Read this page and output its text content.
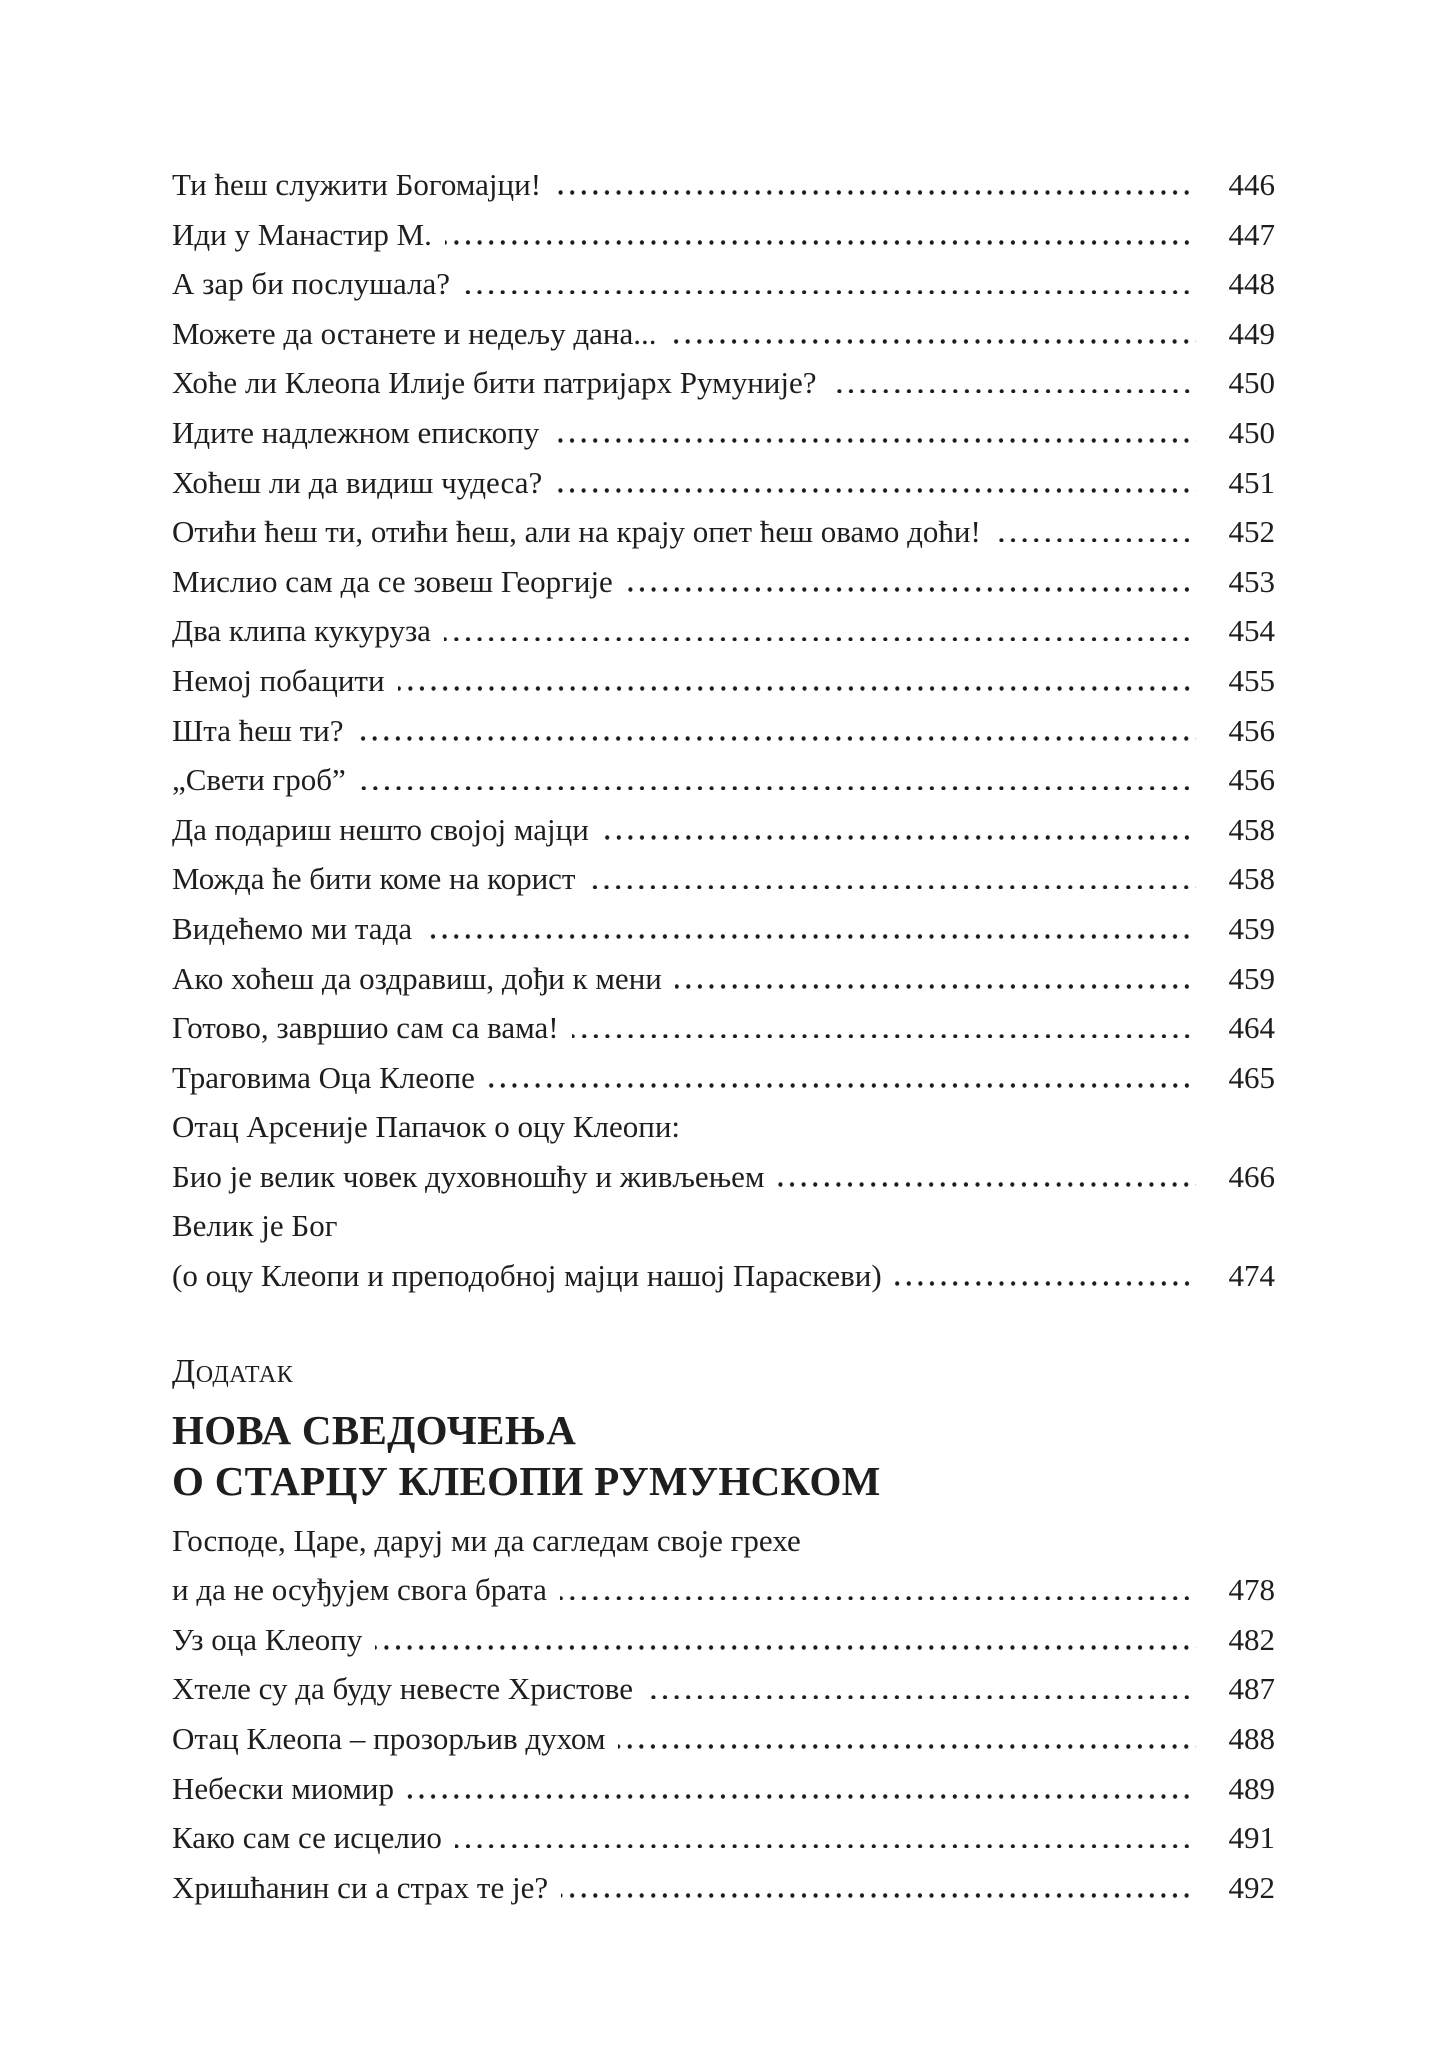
Ти ћеш служити Богомајци!	446
Иди у Манастир М.	447
А зар би послушала?	448
Можете да останете и недељу дана...	449
Хоће ли Клеопа Илије бити патријарх Румуније?	450
Идите надлежном епископу	450
Хоћеш ли да видиш чудеса?	451
Отићи ћеш ти, отићи ћеш, али на крају опет ћеш овамо доћи!	452
Мислио сам да се зовеш Георгије	453
Два клипа кукуруза	454
Немој побацити	455
Шта ћеш ти?	456
„Свети гроб”	456
Да подариш нешто својој мајци	458
Можда ће бити коме на корист	458
Видећемо ми тада	459
Ако хоћеш да оздравиш, дођи к мени	459
Готово, завршио сам са вама!	464
Траговима Оца Клеопе	465
Отац Арсеније Папачок о оцу Клеопи:
Био је велик човек духовношћу и живљењем	466
Велик је Бог
(о оцу Клеопи и преподобној мајци нашој Параскеви)	474
Додатак
НОВА СВЕДОЧЕЊА
О СТАРЦУ КЛЕОПИ РУМУНСКОМ
Господе, Царе, даруј ми да сагледам своје грехе
и да не осуђујем свога брата	478
Уз оца Клеопу	482
Хтеле су да буду невесте Христове	487
Отац Клеопа – прозорљив духом	488
Небески миомир	489
Како сам се исцелио	491
Хришћанин си а страх те је?	492
